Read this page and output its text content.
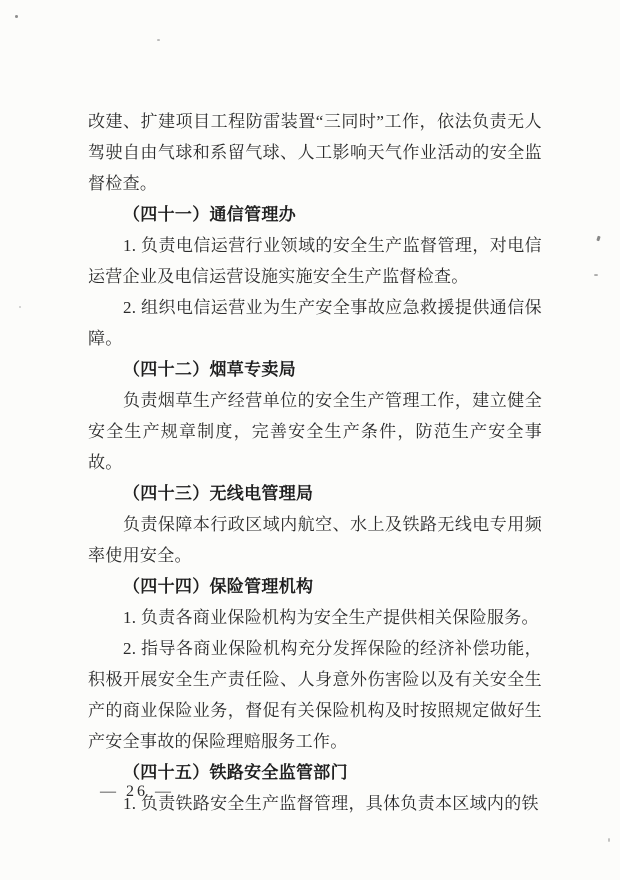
改建、扩建项目工程防雷装置“三同时”工作，依法负责无人驾驶自由气球和系留气球、人工影响天气作业活动的安全监督检查。

（四十一）通信管理办

1. 负责电信运营行业领域的安全生产监督管理，对电信运营企业及电信运营设施实施安全生产监督检查。

2. 组织电信运营业为生产安全事故应急救援提供通信保障。

（四十二）烟草专卖局

负责烟草生产经营单位的安全生产管理工作，建立健全安全生产规章制度，完善安全生产条件，防范生产安全事故。

（四十三）无线电管理局

负责保障本行政区域内航空、水上及铁路无线电专用频率使用安全。

（四十四）保险管理机构

1. 负责各商业保险机构为安全生产提供相关保险服务。

2. 指导各商业保险机构充分发挥保险的经济补偿功能，积极开展安全生产责任险、人身意外伤害险以及有关安全生产的商业保险业务，督促有关保险机构及时按照规定做好生产安全事故的保险理赔服务工作。

（四十五）铁路安全监管部门

1. 负责铁路安全生产监督管理，具体负责本区域内的铁

— 26 —
